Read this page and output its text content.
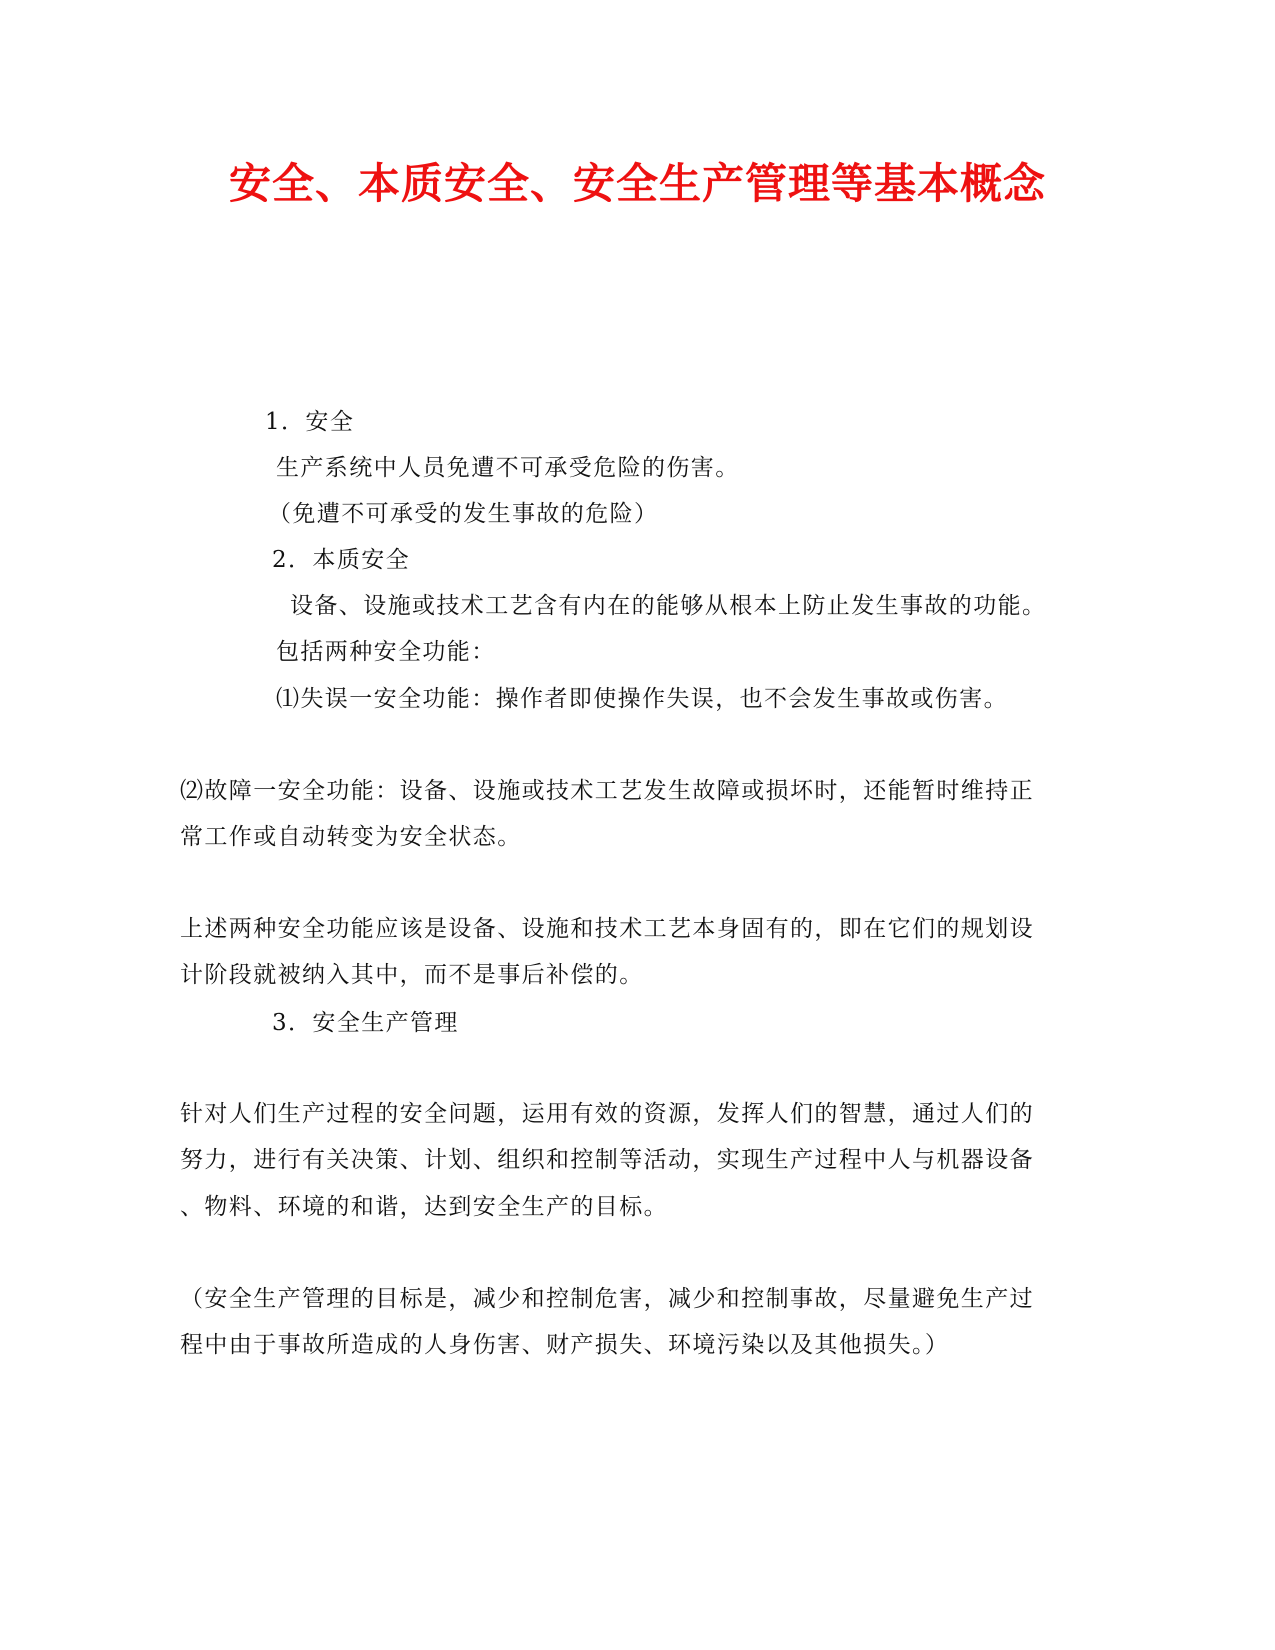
安全、本质安全、安全生产管理等基本概念
1．安全
生产系统中人员免遭不可承受危险的伤害。
（免遭不可承受的发生事故的危险）
2．本质安全
设备、设施或技术工艺含有内在的能够从根本上防止发生事故的功能。
包括两种安全功能：
⑴失误一安全功能：操作者即使操作失误，也不会发生事故或伤害。
⑵故障一安全功能：设备、设施或技术工艺发生故障或损坏时，还能暂时维持正
常工作或自动转变为安全状态。
上述两种安全功能应该是设备、设施和技术工艺本身固有的，即在它们的规划设
计阶段就被纳入其中，而不是事后补偿的。
3．安全生产管理
针对人们生产过程的安全问题，运用有效的资源，发挥人们的智慧，通过人们的
努力，进行有关决策、计划、组织和控制等活动，实现生产过程中人与机器设备
、物料、环境的和谐，达到安全生产的目标。
（安全生产管理的目标是，减少和控制危害，减少和控制事故，尽量避免生产过
程中由于事故所造成的人身伤害、财产损失、环境污染以及其他损失。）
